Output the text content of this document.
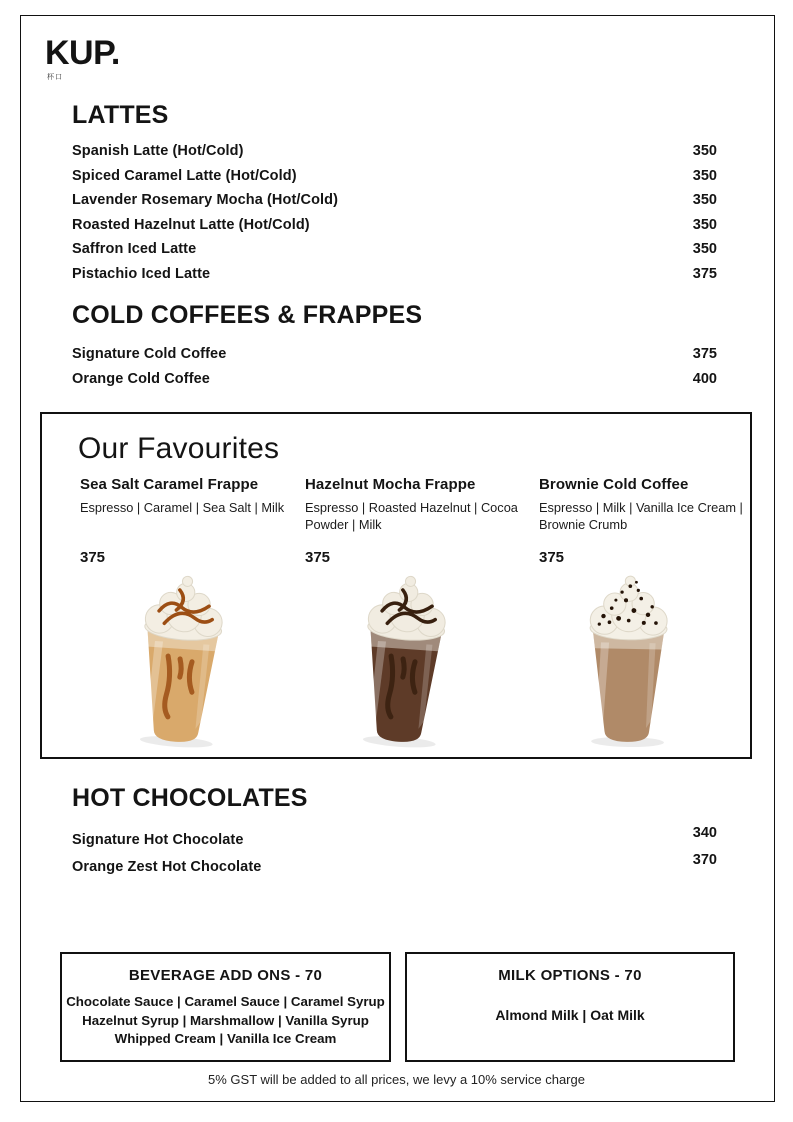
KUP.
杯口
LATTES
Spanish Latte (Hot/Cold)	350
Spiced Caramel Latte (Hot/Cold)	350
Lavender Rosemary Mocha (Hot/Cold)	350
Roasted Hazelnut Latte (Hot/Cold)	350
Saffron Iced Latte	350
Pistachio Iced Latte	375
COLD COFFEES & FRAPPES
Signature Cold Coffee	375
Orange Cold Coffee	400
Our Favourites
Sea Salt Caramel Frappe
Espresso | Caramel | Sea Salt | Milk
375
Hazelnut Mocha Frappe
Espresso | Roasted Hazelnut | Cocoa Powder | Milk
375
Brownie Cold Coffee
Espresso | Milk | Vanilla Ice Cream | Brownie Crumb
375
HOT CHOCOLATES
Signature Hot Chocolate	340
Orange Zest Hot Chocolate	370
BEVERAGE ADD ONS - 70
Chocolate Sauce | Caramel Sauce | Caramel Syrup
Hazelnut Syrup | Marshmallow | Vanilla Syrup
Whipped Cream | Vanilla Ice Cream
MILK OPTIONS - 70
Almond Milk | Oat Milk
5% GST will be added to all prices, we levy a 10% service charge
